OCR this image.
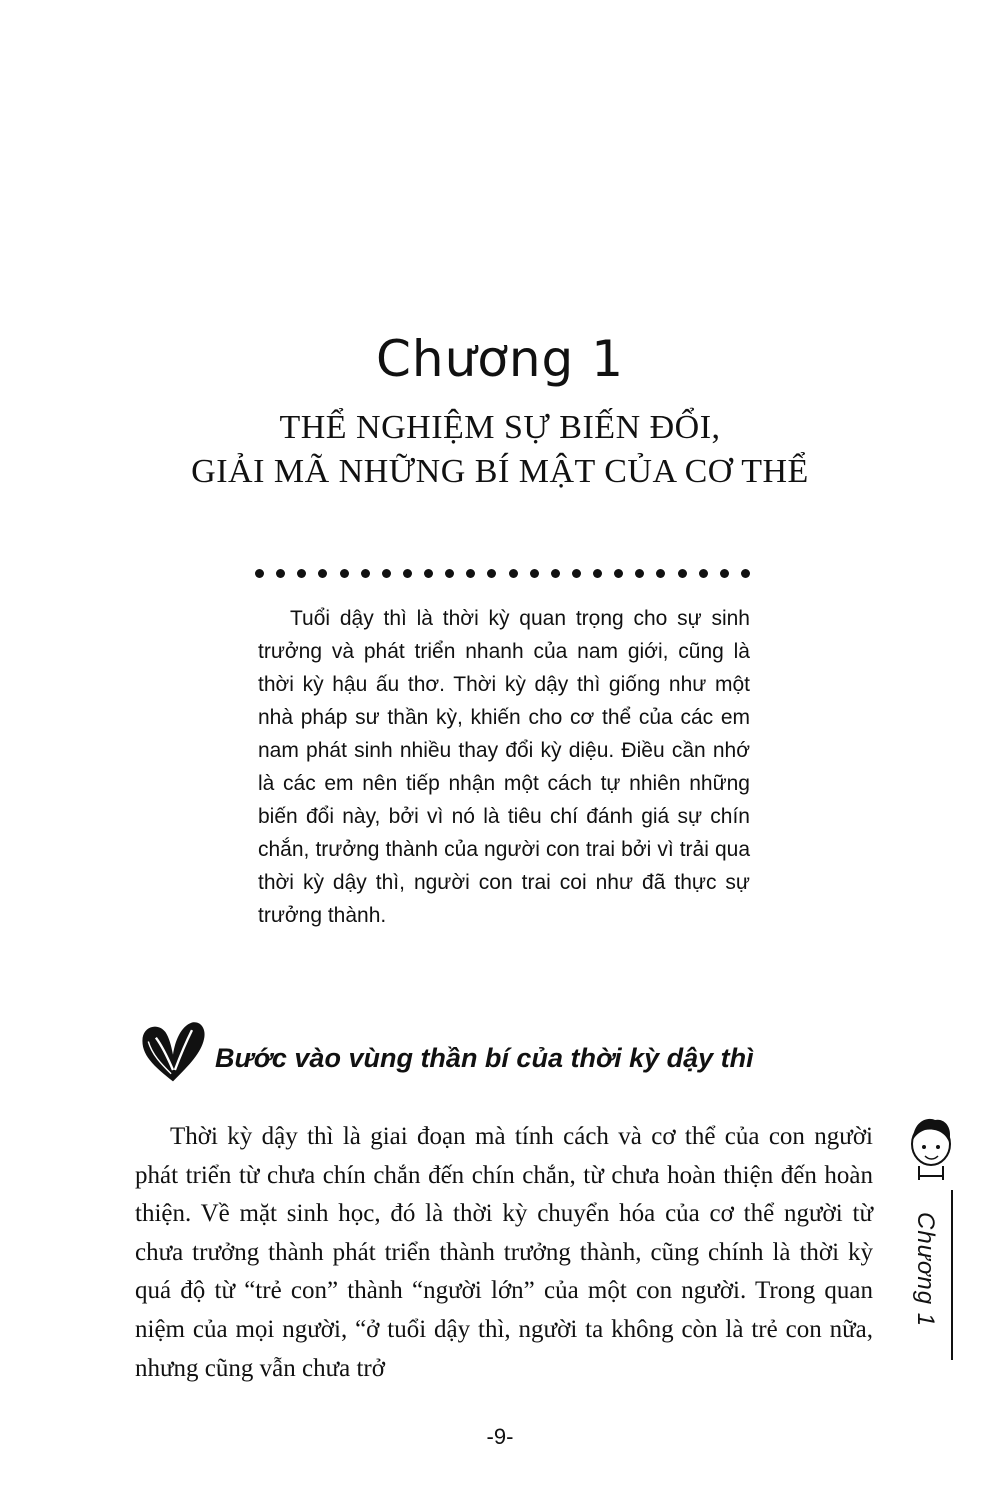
Chương 1
THỂ NGHIỆM SỰ BIẾN ĐỔI,
GIẢI MÃ NHỮNG BÍ MẬT CỦA CƠ THỂ
Tuổi dậy thì là thời kỳ quan trọng cho sự sinh trưởng và phát triển nhanh của nam giới, cũng là thời kỳ hậu ấu thơ. Thời kỳ dậy thì giống như một nhà pháp sư thần kỳ, khiến cho cơ thể của các em nam phát sinh nhiều thay đổi kỳ diệu. Điều cần nhớ là các em nên tiếp nhận một cách tự nhiên những biến đổi này, bởi vì nó là tiêu chí đánh giá sự chín chắn, trưởng thành của người con trai bởi vì trải qua thời kỳ dậy thì, người con trai coi như đã thực sự trưởng thành.
Bước vào vùng thần bí của thời kỳ dậy thì
Thời kỳ dậy thì là giai đoạn mà tính cách và cơ thể của con người phát triển từ chưa chín chắn đến chín chắn, từ chưa hoàn thiện đến hoàn thiện. Về mặt sinh học, đó là thời kỳ chuyển hóa của cơ thể người từ chưa trưởng thành phát triển thành trưởng thành, cũng chính là thời kỳ quá độ từ “trẻ con” thành “người lớn” của một con người. Trong quan niệm của mọi người, “ở tuổi dậy thì, người ta không còn là trẻ con nữa, nhưng cũng vẫn chưa trở
Chương 1
-9-
